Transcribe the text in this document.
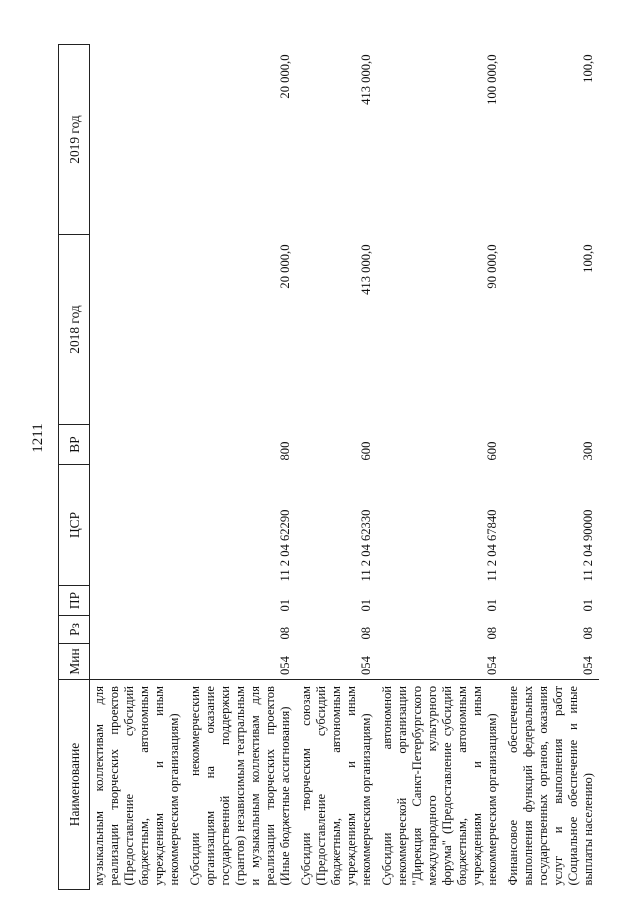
1211
Наименование	Мин	Рз	ПР	ЦСР	ВР	2018 год	2019 год
музыкальным коллективам для реализации творческих проектов (Предоставление субсидий бюджетным, автономным учреждениям и иным некоммерческим организациям)							
Субсидии некоммерческим организациям на оказание государственной поддержки (грантов) независимым театральным и музыкальным коллективам для реализации творческих проектов (Иные бюджетные ассигнования)	054	08	01	11 2 04 62290	800	20 000,0	20 000,0
Субсидии творческим союзам (Предоставление субсидий бюджетным, автономным учреждениям и иным некоммерческим организациям)	054	08	01	11 2 04 62330	600	413 000,0	413 000,0
Субсидии автономной некоммерческой организации "Дирекция Санкт-Петербургского международного культурного форума" (Предоставление субсидий бюджетным, автономным учреждениям и иным некоммерческим организациям)	054	08	01	11 2 04 67840	600	90 000,0	100 000,0
Финансовое обеспечение выполнения функций федеральных государственных органов, оказания услуг и выполнения работ (Социальное обеспечение и иные выплаты населению)	054	08	01	11 2 04 90000	300	100,0	100,0
